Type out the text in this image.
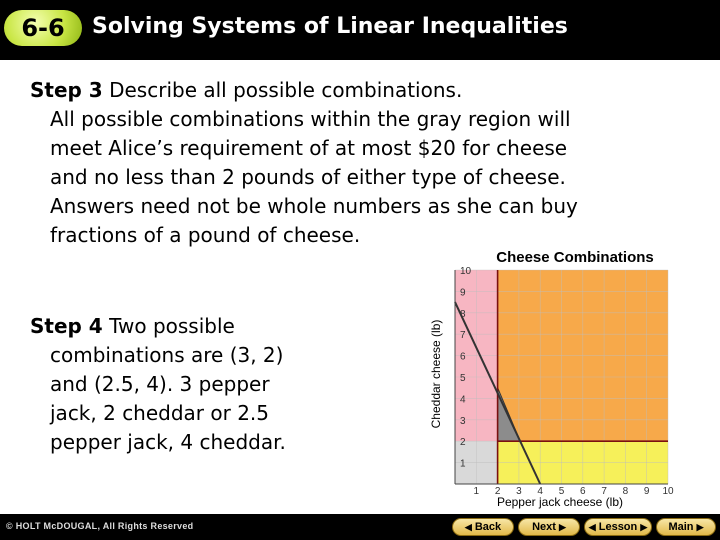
6-6	Solving Systems of Linear Inequalities
Step 3 Describe all possible combinations.
All possible combinations within the gray region will
meet Alice’s requirement of at most $20 for cheese
and no less than 2 pounds of either type of cheese.
Answers need not be whole numbers as she can buy
fractions of a pound of cheese.
Step 4 Two possible
combinations are (3, 2)
and (2.5, 4). 3 pepper
jack, 2 cheddar or 2.5
pepper jack, 4 cheddar.
Cheese Combinations
Cheddar cheese (lb)
Pepper jack cheese (lb)
1
2
3
4
5
6
7
8
9
10
1 2 3 4 5 6 7 8 9 10
© HOLT McDOUGAL, All Rights Reserved	◀ Back	Next ▶	◀ Lesson ▶	Main ▶
